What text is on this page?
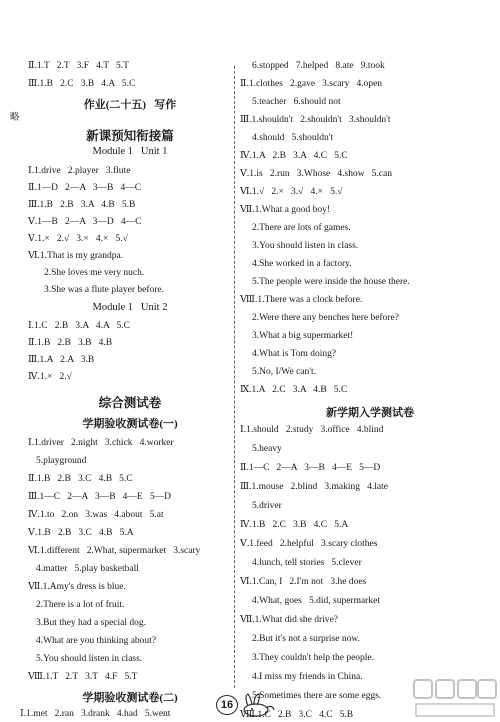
Ⅱ.1.T   2.T   3.F   4.T   5.T
Ⅲ.1.B   2.C   3.B   4.A   5.C
作业(二十五)   写作
略
新课预知衔接篇
Module 1   Unit 1
Ⅰ.1.drive   2.player   3.flute
Ⅱ.1—D   2—A   3—B   4—C
Ⅲ.1.B   2.B   3.A   4.B   5.B
Ⅴ.1—B   2—A   3—D   4—C
Ⅴ.1.×   2.√   3.×   4.×   5.√
Ⅵ.1.That is my grandpa.
2.She loves me very nuch.
3.She was a flute player before.
Module 1   Unit 2
Ⅰ.1.C   2.B   3.A   4.A   5.C
Ⅱ.1.B   2.B   3.B   4.B
Ⅲ.1.A   2.A   3.B
Ⅳ.1.×   2.√
综合测试卷
学期验收测试卷(一)
Ⅰ.1.driver   2.night   3.chick   4.worker
5.playground
Ⅱ.1.B   2.B   3.C   4.B   5.C
Ⅲ.1—C   2—A   3—B   4—E   5—D
Ⅳ.1.to   2.on   3.was   4.about   5.at
Ⅴ.1.B   2.B   3.C   4.B   5.A
Ⅵ.1.different   2.What, supermarket   3.scary
4.matter   5.play basketball
Ⅶ.1.Amy's dress is blue.
2.There is a lot of fruit.
3.But they had a special dog.
4.What are you thinking about?
5.You should listen in class.
Ⅷ.1.T   2.T   3.T   4.F   5.T
学期验收测试卷(二)
Ⅰ.1.met   2.ran   3.drank   4.had   5.went
6.stopped   7.helped   8.ate   9.took
Ⅱ.1.clothes   2.gave   3.scary   4.open
5.teacher   6.should not
Ⅲ.1.shouldn't   2.shouldn't   3.shouldn't
4.should   5.shouldn't
Ⅳ.1.A   2.B   3.A   4.C   5.C
Ⅴ.1.is   2.run   3.Whose   4.show   5.can
Ⅵ.1.√   2.×   3.√   4.×   5.√
Ⅶ.1.What a good boy!
2.There are lots of games.
3.You should listen in class.
4.She worked in a factory.
5.The people were inside the house there.
Ⅷ.1.There was a clock before.
2.Were there any benches here before?
3.What a big supermarket!
4.What is Tom doing?
5.No, I/We can't.
Ⅸ.1.A   2.C   3.A   4.B   5.C
新学期入学测试卷
Ⅰ.1.should   2.study   3.office   4.blind
5.heavy
Ⅱ.1—C   2—A   3—B   4—E   5—D
Ⅲ.1.mouse   2.blind   3.making   4.late
5.driver
Ⅳ.1.B   2.C   3.B   4.C   5.A
Ⅴ.1.feed   2.helpful   3.scary clothes
4.lunch, tell stories   5.clever
Ⅵ.1.Can, I   2.I'm not   3.he does
4.What, goes   5.did, supermarket
Ⅶ.1.What did she drive?
2.But it's not a surprise now.
3.They couldn't help the people.
4.I miss my friends in China.
5.Sometimes there are some eggs.
Ⅷ.1.C   2.B   3.C   4.C   5.B
16
